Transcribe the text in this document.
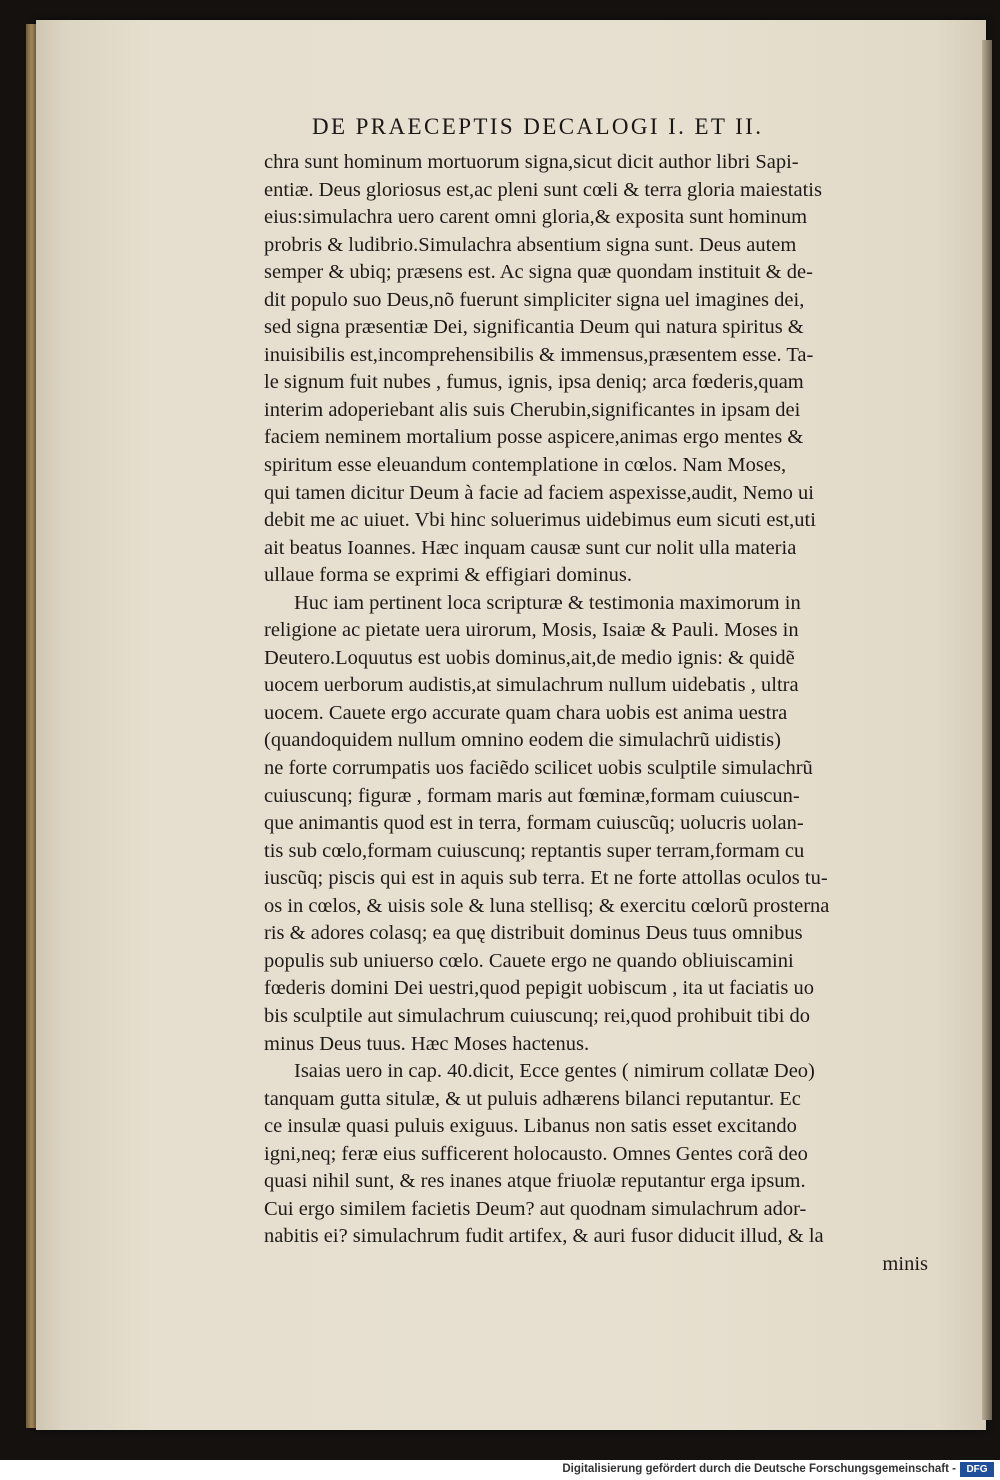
DE PRAECEPTIS DECALOGI I. ET II.
chra sunt hominum mortuorum signa,sicut dicit author libri Sapi-
entiæ. Deus gloriosus est,ac pleni sunt cœli & terra gloria maiestatis
eius:simulachra uero carent omni gloria,& exposita sunt hominum
probris & ludibrio.Simulachra absentium signa sunt. Deus autem
semper & ubiq; præsens est. Ac signa quæ quondam instituit & de-
dit populo suo Deus,nõ fuerunt simpliciter signa uel imagines dei,
sed signa præsentiæ Dei, significantia Deum qui natura spiritus &
inuisibilis est,incomprehensibilis & immensus,præsentem esse. Ta-
le signum fuit nubes , fumus, ignis, ipsa deniq; arca fœderis,quam
interim adoperiebant alis suis Cherubin,significantes in ipsam dei
faciem neminem mortalium posse aspicere,animas ergo mentes &
spiritum esse eleuandum contemplatione in cœlos. Nam Moses,
qui tamen dicitur Deum à facie ad faciem aspexisse,audit, Nemo ui
debit me ac uiuet. Vbi hinc soluerimus uidebimus eum sicuti est,uti
ait beatus Ioannes. Hæc inquam causæ sunt cur nolit ulla materia
ullaue forma se exprimi & effigiari dominus.
Huc iam pertinent loca scripturæ & testimonia maximorum in
religione ac pietate uera uirorum, Mosis, Isaiæ & Pauli. Moses in
Deutero.Loquutus est uobis dominus,ait,de medio ignis: & quidẽ
uocem uerborum audistis,at simulachrum nullum uidebatis , ultra
uocem. Cauete ergo accurate quam chara uobis est anima uestra
(quandoquidem nullum omnino eodem die simulachrũ uidistis)
ne forte corrumpatis uos faciẽdo scilicet uobis sculptile simulachrũ
cuiuscunq; figuræ , formam maris aut fœminæ,formam cuiuscun-
que animantis quod est in terra, formam cuiuscũq; uolucris uolan-
tis sub cœlo,formam cuiuscunq; reptantis super terram,formam cu
iuscũq; piscis qui est in aquis sub terra. Et ne forte attollas oculos tu-
os in cœlos, & uisis sole & luna stellisq; & exercitu cœlorũ prosterna
ris & adores colasq; ea quę distribuit dominus Deus tuus omnibus
populis sub uniuerso cœlo. Cauete ergo ne quando obliuiscamini
fœderis domini Dei uestri,quod pepigit uobiscum , ita ut faciatis uo
bis sculptile aut simulachrum cuiuscunq; rei,quod prohibuit tibi do
minus Deus tuus. Hæc Moses hactenus.
Isaias uero in cap. 40.dicit, Ecce gentes ( nimirum collatæ Deo)
tanquam gutta situlæ, & ut puluis adhærens bilanci reputantur. Ec
ce insulæ quasi puluis exiguus. Libanus non satis esset excitando
igni,neq; feræ eius sufficerent holocausto. Omnes Gentes corã deo
quasi nihil sunt, & res inanes atque friuolæ reputantur erga ipsum.
Cui ergo similem facietis Deum? aut quodnam simulachrum ador-
nabitis ei? simulachrum fudit artifex, & auri fusor diducit illud, & la
minis
Digitalisierung gefördert durch die Deutsche Forschungsgemeinschaft -	DFG
